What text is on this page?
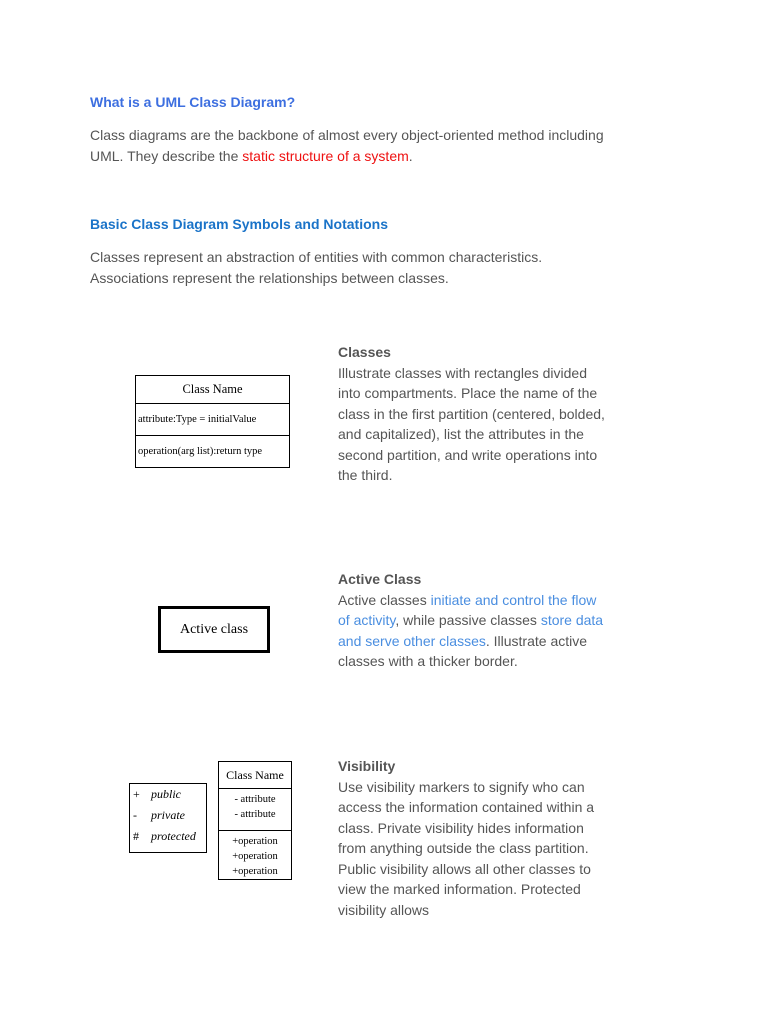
What is a UML Class Diagram?
Class diagrams are the backbone of almost every object-oriented method including UML. They describe the static structure of a system.
Basic Class Diagram Symbols and Notations
Classes represent an abstraction of entities with common characteristics. Associations represent the relationships between classes.
Class Name
attribute:Type = initialValue
operation(arg list):return type
Classes
Illustrate classes with rectangles divided into compartments. Place the name of the class in the first partition (centered, bolded, and capitalized), list the attributes in the second partition, and write operations into the third.
Active class
Active Class
Active classes initiate and control the flow of activity, while passive classes store data and serve other classes. Illustrate active classes with a thicker border.
+ public
- private
# protected
Class Name
- attribute
- attribute
+operation
+operation
+operation
Visibility
Use visibility markers to signify who can access the information contained within a class. Private visibility hides information from anything outside the class partition. Public visibility allows all other classes to view the marked information. Protected visibility allows
